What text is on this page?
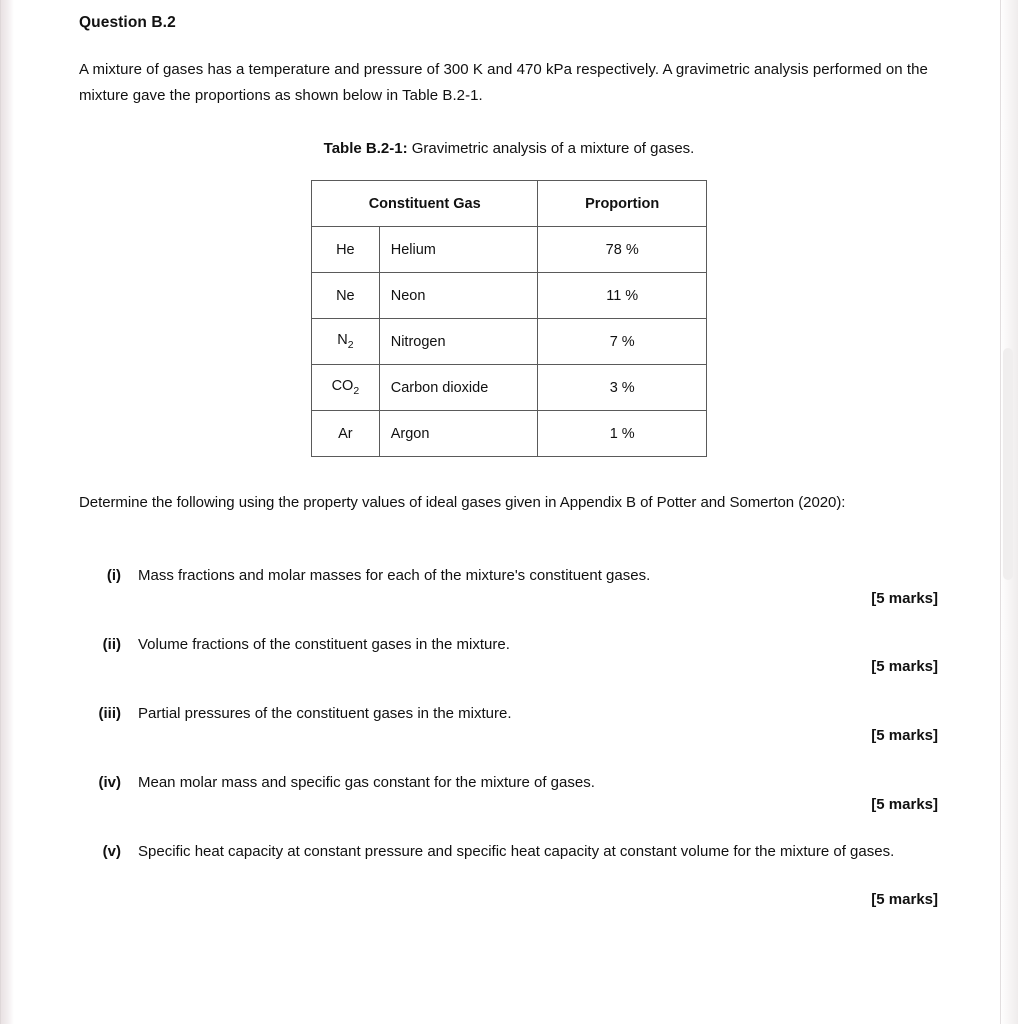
Question B.2
A mixture of gases has a temperature and pressure of 300 K and 470 kPa respectively. A gravimetric analysis performed on the mixture gave the proportions as shown below in Table B.2-1.
Table B.2-1: Gravimetric analysis of a mixture of gases.
Constituent Gas		Proportion
He	Helium	78 %
Ne	Neon	11 %
$N_2$	Nitrogen	7 %
$CO_2$	Carbon dioxide	3 %
Ar	Argon	1 %
Determine the following using the property values of ideal gases given in Appendix B of Potter and Somerton (2020):
(i) Mass fractions and molar masses for each of the mixture's constituent gases.
[5 marks]
(ii) Volume fractions of the constituent gases in the mixture.
[5 marks]
(iii) Partial pressures of the constituent gases in the mixture.
[5 marks]
(iv) Mean molar mass and specific gas constant for the mixture of gases.
[5 marks]
(v) Specific heat capacity at constant pressure and specific heat capacity at constant volume for the mixture of gases.
[5 marks]
